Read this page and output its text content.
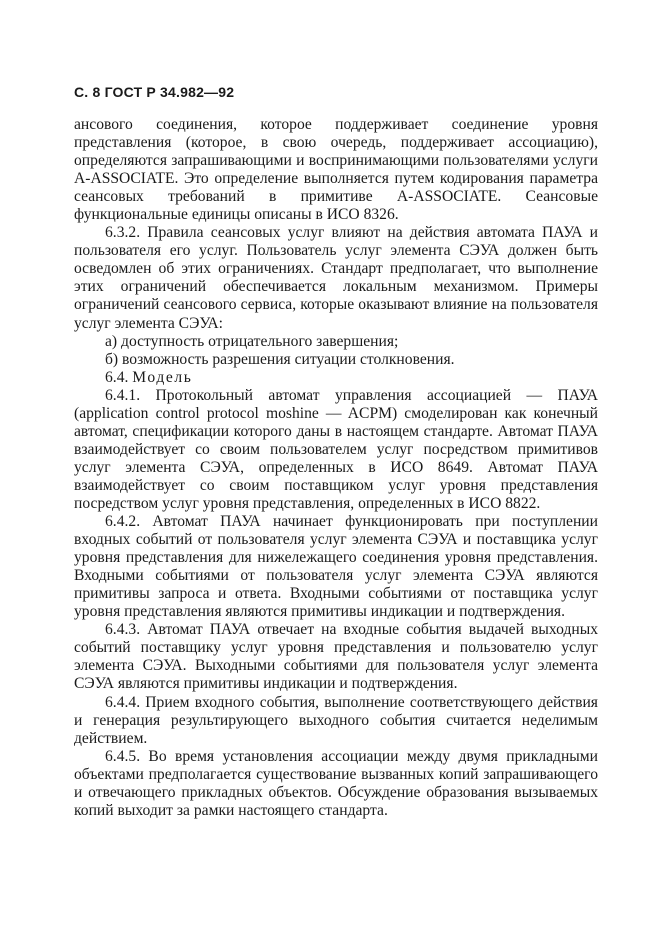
С. 8 ГОСТ Р 34.982—92

ансового соединения, которое поддерживает соединение уровня представления (которое, в свою очередь, поддерживает ассоциацию), определяются запрашивающими и воспринимающими пользователями услуги A-ASSOCIATE. Это определение выполняется путем кодирования параметра сеансовых требований в примитиве A-ASSOCIATE. Сеансовые функциональные единицы описаны в ИСО 8326.

6.3.2. Правила сеансовых услуг влияют на действия автомата ПАУА и пользователя его услуг. Пользователь услуг элемента СЭУА должен быть осведомлен об этих ограничениях. Стандарт предполагает, что выполнение этих ограничений обеспечивается локальным механизмом. Примеры ограничений сеансового сервиса, которые оказывают влияние на пользователя услуг элемента СЭУА:

а) доступность отрицательного завершения;

б) возможность разрешения ситуации столкновения.

6.4. Модель

6.4.1. Протокольный автомат управления ассоциацией — ПАУА (application control protocol moshine — ACPM) смоделирован как конечный автомат, спецификации которого даны в настоящем стандарте. Автомат ПАУА взаимодействует со своим пользователем услуг посредством примитивов услуг элемента СЭУА, определенных в ИСО 8649. Автомат ПАУА взаимодействует со своим поставщиком услуг уровня представления посредством услуг уровня представления, определенных в ИСО 8822.

6.4.2. Автомат ПАУА начинает функционировать при поступлении входных событий от пользователя услуг элемента СЭУА и поставщика услуг уровня представления для нижележащего соединения уровня представления. Входными событиями от пользователя услуг элемента СЭУА являются примитивы запроса и ответа. Входными событиями от поставщика услуг уровня представления являются примитивы индикации и подтверждения.

6.4.3. Автомат ПАУА отвечает на входные события выдачей выходных событий поставщику услуг уровня представления и пользователю услуг элемента СЭУА. Выходными событиями для пользователя услуг элемента СЭУА являются примитивы индикации и подтверждения.

6.4.4. Прием входного события, выполнение соответствующего действия и генерация результирующего выходного события считается неделимым действием.

6.4.5. Во время установления ассоциации между двумя прикладными объектами предполагается существование вызванных копий запрашивающего и отвечающего прикладных объектов. Обсуждение образования вызываемых копий выходит за рамки настоящего стандарта.
